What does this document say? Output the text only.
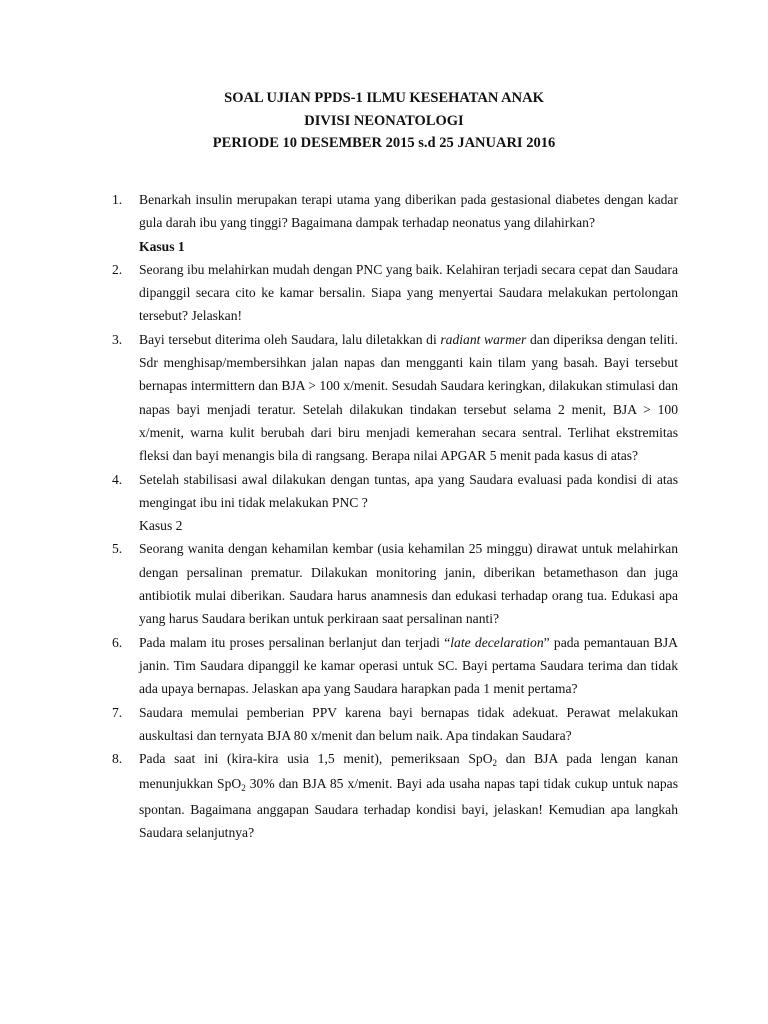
SOAL UJIAN PPDS-1 ILMU KESEHATAN ANAK
DIVISI NEONATOLOGI
PERIODE 10 DESEMBER 2015 s.d 25 JANUARI 2016
1. Benarkah insulin merupakan terapi utama yang diberikan pada gestasional diabetes dengan kadar gula darah ibu yang tinggi? Bagaimana dampak terhadap neonatus yang dilahirkan?
Kasus 1
2. Seorang ibu melahirkan mudah dengan PNC yang baik. Kelahiran terjadi secara cepat dan Saudara dipanggil secara cito ke kamar bersalin. Siapa yang menyertai Saudara melakukan pertolongan tersebut? Jelaskan!
3. Bayi tersebut diterima oleh Saudara, lalu diletakkan di radiant warmer dan diperiksa dengan teliti. Sdr menghisap/membersihkan jalan napas dan mengganti kain tilam yang basah. Bayi tersebut bernapas intermittern dan BJA > 100 x/menit. Sesudah Saudara keringkan, dilakukan stimulasi dan napas bayi menjadi teratur. Setelah dilakukan tindakan tersebut selama 2 menit, BJA > 100 x/menit, warna kulit berubah dari biru menjadi kemerahan secara sentral. Terlihat ekstremitas fleksi dan bayi menangis bila di rangsang. Berapa nilai APGAR 5 menit pada kasus di atas?
4. Setelah stabilisasi awal dilakukan dengan tuntas, apa yang Saudara evaluasi pada kondisi di atas mengingat ibu ini tidak melakukan PNC ?
Kasus 2
5. Seorang wanita dengan kehamilan kembar (usia kehamilan 25 minggu) dirawat untuk melahirkan dengan persalinan prematur. Dilakukan monitoring janin, diberikan betamethason dan juga antibiotik mulai diberikan. Saudara harus anamnesis dan edukasi terhadap orang tua. Edukasi apa yang harus Saudara berikan untuk perkiraan saat persalinan nanti?
6. Pada malam itu proses persalinan berlanjut dan terjadi “late decelaration” pada pemantauan BJA janin. Tim Saudara dipanggil ke kamar operasi untuk SC. Bayi pertama Saudara terima dan tidak ada upaya bernapas. Jelaskan apa yang Saudara harapkan pada 1 menit pertama?
7. Saudara memulai pemberian PPV karena bayi bernapas tidak adekuat. Perawat melakukan auskultasi dan ternyata BJA 80 x/menit dan belum naik. Apa tindakan Saudara?
8. Pada saat ini (kira-kira usia 1,5 menit), pemeriksaan SpO$_2$ dan BJA pada lengan kanan menunjukkan SpO$_2$ 30% dan BJA 85 x/menit. Bayi ada usaha napas tapi tidak cukup untuk napas spontan. Bagaimana anggapan Saudara terhadap kondisi bayi, jelaskan! Kemudian apa langkah Saudara selanjutnya?
